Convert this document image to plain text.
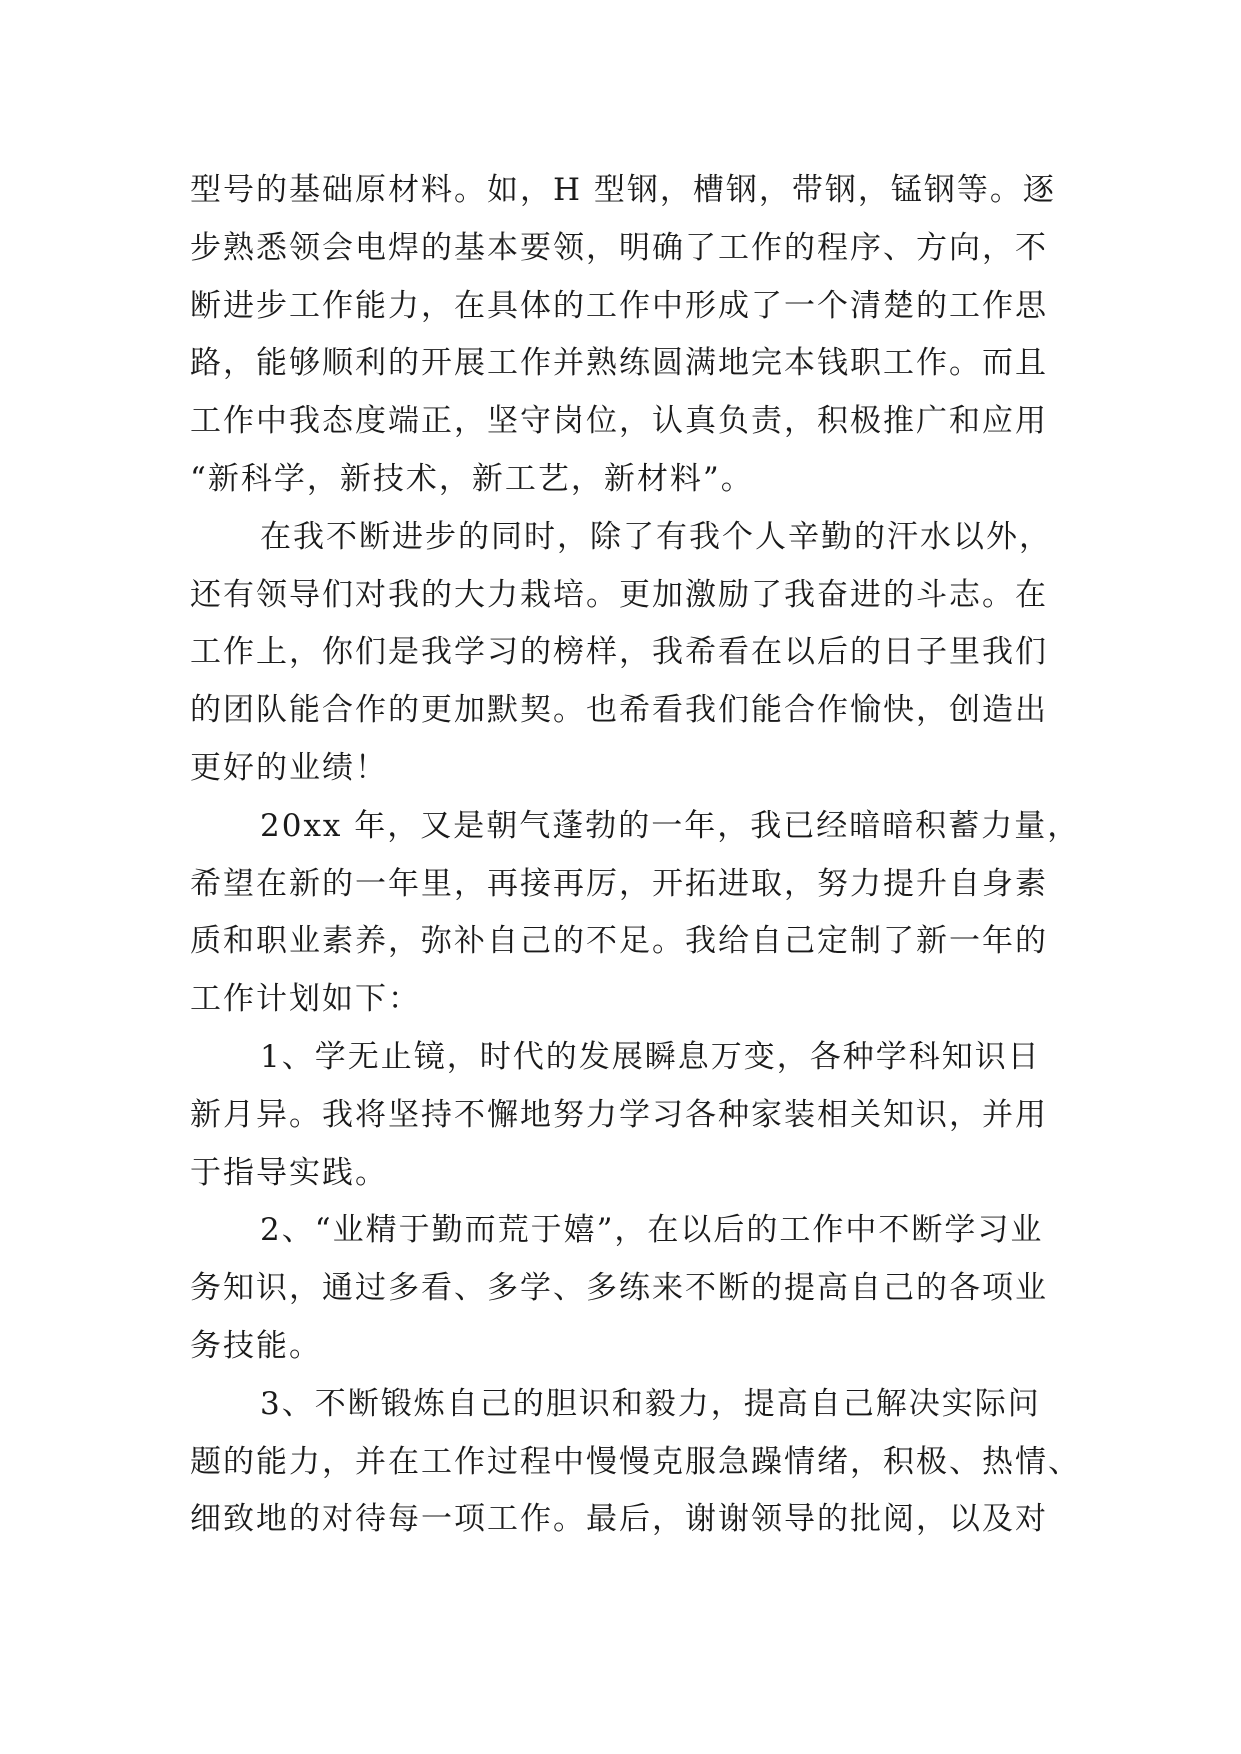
型号的基础原材料。如，H 型钢，槽钢，带钢，锰钢等。逐
步熟悉领会电焊的基本要领，明确了工作的程序、方向，不
断进步工作能力，在具体的工作中形成了一个清楚的工作思
路，能够顺利的开展工作并熟练圆满地完本钱职工作。而且
工作中我态度端正，坚守岗位，认真负责，积极推广和应用
“新科学，新技术，新工艺，新材料”。
在我不断进步的同时，除了有我个人辛勤的汗水以外，
还有领导们对我的大力栽培。更加激励了我奋进的斗志。在
工作上，你们是我学习的榜样，我希看在以后的日子里我们
的团队能合作的更加默契。也希看我们能合作愉快，创造出
更好的业绩！
20xx 年，又是朝气蓬勃的一年，我已经暗暗积蓄力量，
希望在新的一年里，再接再厉，开拓进取，努力提升自身素
质和职业素养，弥补自己的不足。我给自己定制了新一年的
工作计划如下：
1、学无止镜，时代的发展瞬息万变，各种学科知识日
新月异。我将坚持不懈地努力学习各种家装相关知识，并用
于指导实践。
2、“业精于勤而荒于嬉”，在以后的工作中不断学习业
务知识，通过多看、多学、多练来不断的提高自己的各项业
务技能。
3、不断锻炼自己的胆识和毅力，提高自己解决实际问
题的能力，并在工作过程中慢慢克服急躁情绪，积极、热情、
细致地的对待每一项工作。最后，谢谢领导的批阅，以及对
